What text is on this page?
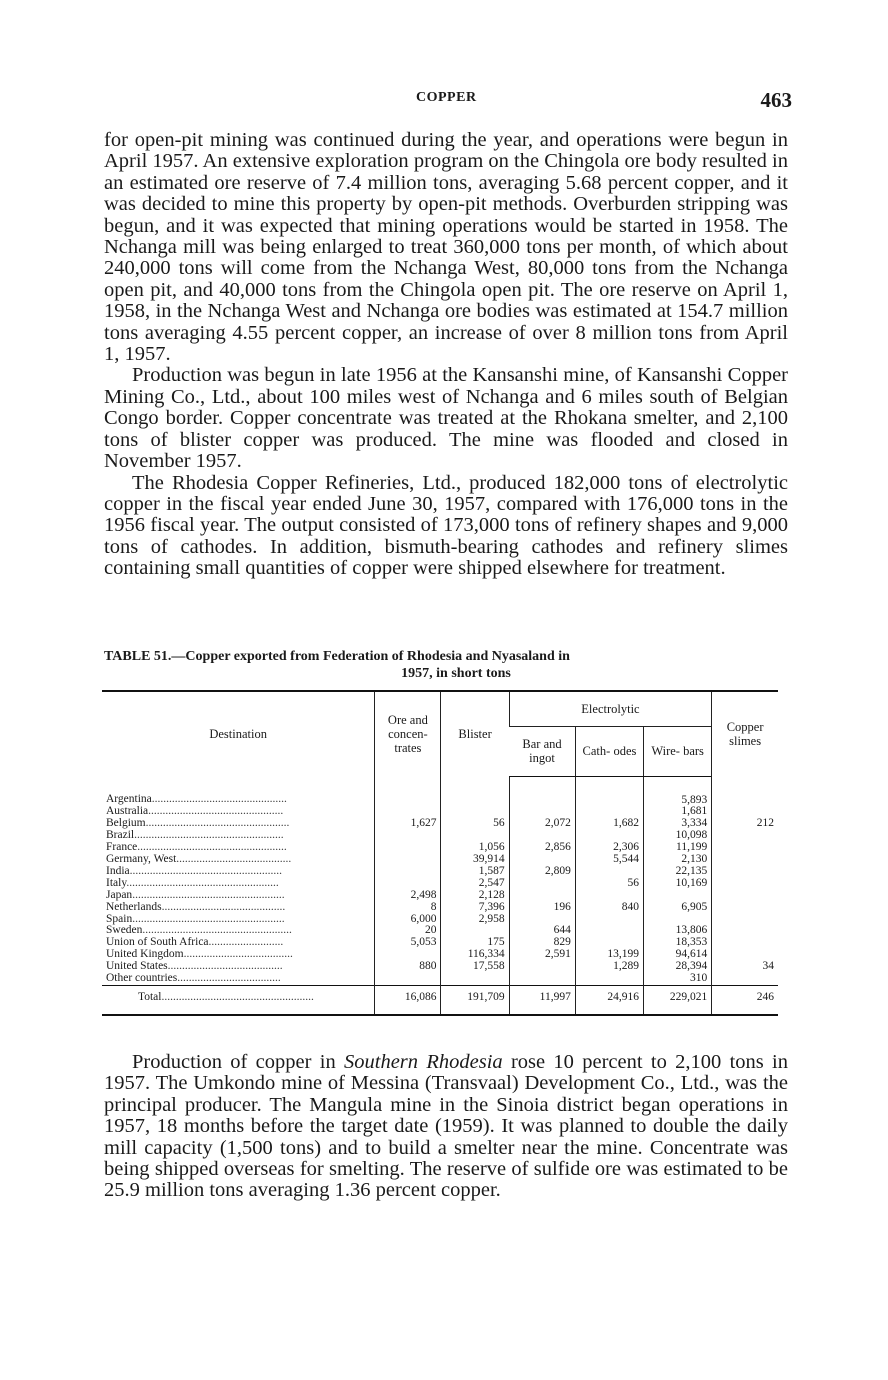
COPPER	463

for open-pit mining was continued during the year, and operations were begun in April 1957. An extensive exploration program on the Chingola ore body resulted in an estimated ore reserve of 7.4 million tons, averaging 5.68 percent copper, and it was decided to mine this property by open-pit methods. Overburden stripping was begun, and it was expected that mining operations would be started in 1958. The Nchanga mill was being enlarged to treat 360,000 tons per month, of which about 240,000 tons will come from the Nchanga West, 80,000 tons from the Nchanga open pit, and 40,000 tons from the Chingola open pit. The ore reserve on April 1, 1958, in the Nchanga West and Nchanga ore bodies was estimated at 154.7 million tons averaging 4.55 percent copper, an increase of over 8 million tons from April 1, 1957.

Production was begun in late 1956 at the Kansanshi mine, of Kansanshi Copper Mining Co., Ltd., about 100 miles west of Nchanga and 6 miles south of Belgian Congo border. Copper concentrate was treated at the Rhokana smelter, and 2,100 tons of blister copper was produced. The mine was flooded and closed in November 1957.

The Rhodesia Copper Refineries, Ltd., produced 182,000 tons of electrolytic copper in the fiscal year ended June 30, 1957, compared with 176,000 tons in the 1956 fiscal year. The output consisted of 173,000 tons of refinery shapes and 9,000 tons of cathodes. In addition, bismuth-bearing cathodes and refinery slimes containing small quantities of copper were shipped elsewhere for treatment.

TABLE 51.—Copper exported from Federation of Rhodesia and Nyasaland in
1957, in short tons
Destination	Ore and concen- trates	Blister	Electrolytic			Copper slimes
			Bar and ingot	Cath- odes	Wire- bars	
Argentina...............................................					5,893	
Australia...............................................					1,681	
Belgium..................................................	1,627	56	2,072	1,682	3,334	212
Brazil....................................................					10,098	
France....................................................		1,056	2,856	2,306	11,199	
Germany, West........................................		39,914		5,544	2,130	
India.....................................................		1,587	2,809		22,135	
Italy.....................................................		2,547		56	10,169	
Japan.....................................................	2,498	2,128				
Netherlands...........................................	8	7,396	196	840	6,905	
Spain.....................................................	6,000	2,958				
Sweden....................................................	20		644		13,806	
Union of South Africa..........................	5,053	175	829		18,353	
United Kingdom......................................		116,334	2,591	13,199	94,614	
United States........................................	880	17,558		1,289	28,394	34
Other countries....................................					310	
Total.....................................................	16,086	191,709	11,997	24,916	229,021	246

Production of copper in Southern Rhodesia rose 10 percent to 2,100 tons in 1957. The Umkondo mine of Messina (Transvaal) Development Co., Ltd., was the principal producer. The Mangula mine in the Sinoia district began operations in 1957, 18 months before the target date (1959). It was planned to double the daily mill capacity (1,500 tons) and to build a smelter near the mine. Concentrate was being shipped overseas for smelting. The reserve of sulfide ore was estimated to be 25.9 million tons averaging 1.36 percent copper.
